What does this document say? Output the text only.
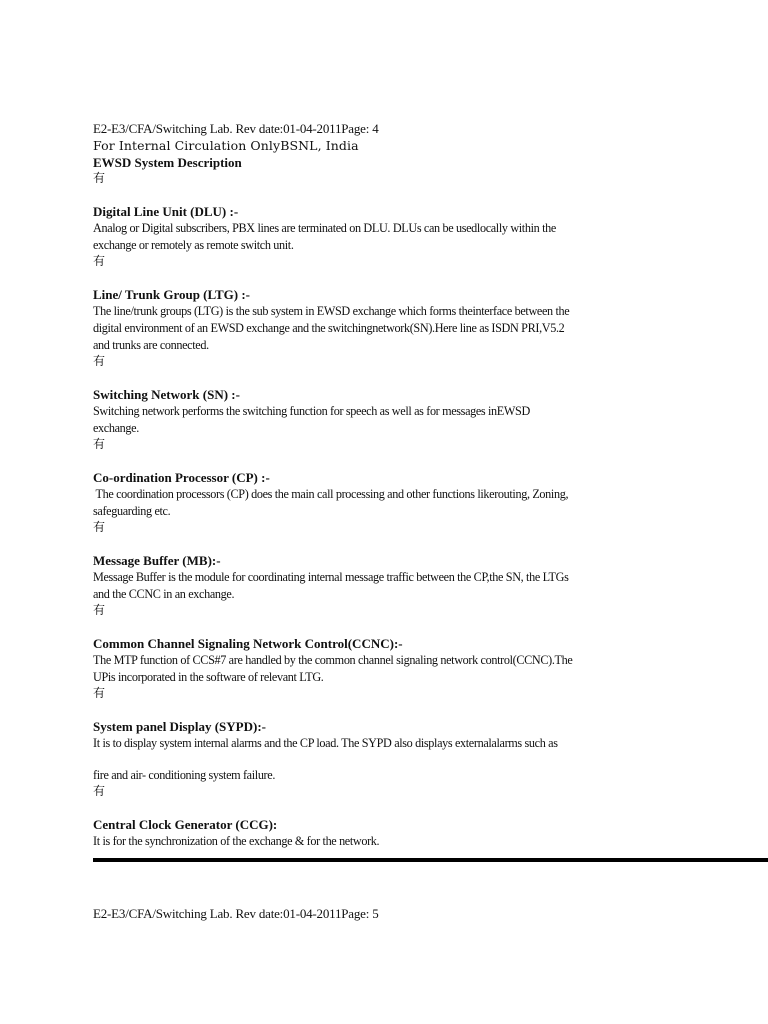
E2-E3/CFA/Switching Lab. Rev date:01-04-2011Page: 4

For Internal Circulation OnlyBSNL, India

EWSD System Description

有

Digital Line Unit (DLU) :-

Analog or Digital subscribers, PBX lines are terminated on DLU. DLUs can be usedlocally within the

exchange or remotely as remote switch unit.

有

Line/ Trunk Group (LTG) :-

The line/trunk groups (LTG) is the sub system in EWSD exchange which forms theinterface between the

digital environment of an EWSD exchange and the switchingnetwork(SN).Here line as ISDN PRI,V5.2

and trunks are connected.

有

Switching Network (SN) :-

Switching network performs the switching function for speech as well as for messages inEWSD

exchange.

有

Co-ordination Processor (CP) :-

The coordination processors (CP) does the main call processing and other functions likerouting, Zoning,

safeguarding etc.

有

Message Buffer (MB):-

Message Buffer is the module for coordinating internal message traffic between the CP,the SN, the LTGs

and the CCNC in an exchange.

有

Common Channel Signaling Network Control(CCNC):-

The MTP function of CCS#7 are handled by the common channel signaling network control(CCNC).The

UPis incorporated in the software of relevant LTG.

有

System panel Display (SYPD):-

It is to display system internal alarms and the CP load. The SYPD also displays externalalarms such as

fire and air- conditioning system failure.

有

Central Clock Generator (CCG):

It is for the synchronization of the exchange & for the network.

E2-E3/CFA/Switching Lab. Rev date:01-04-2011Page: 5
